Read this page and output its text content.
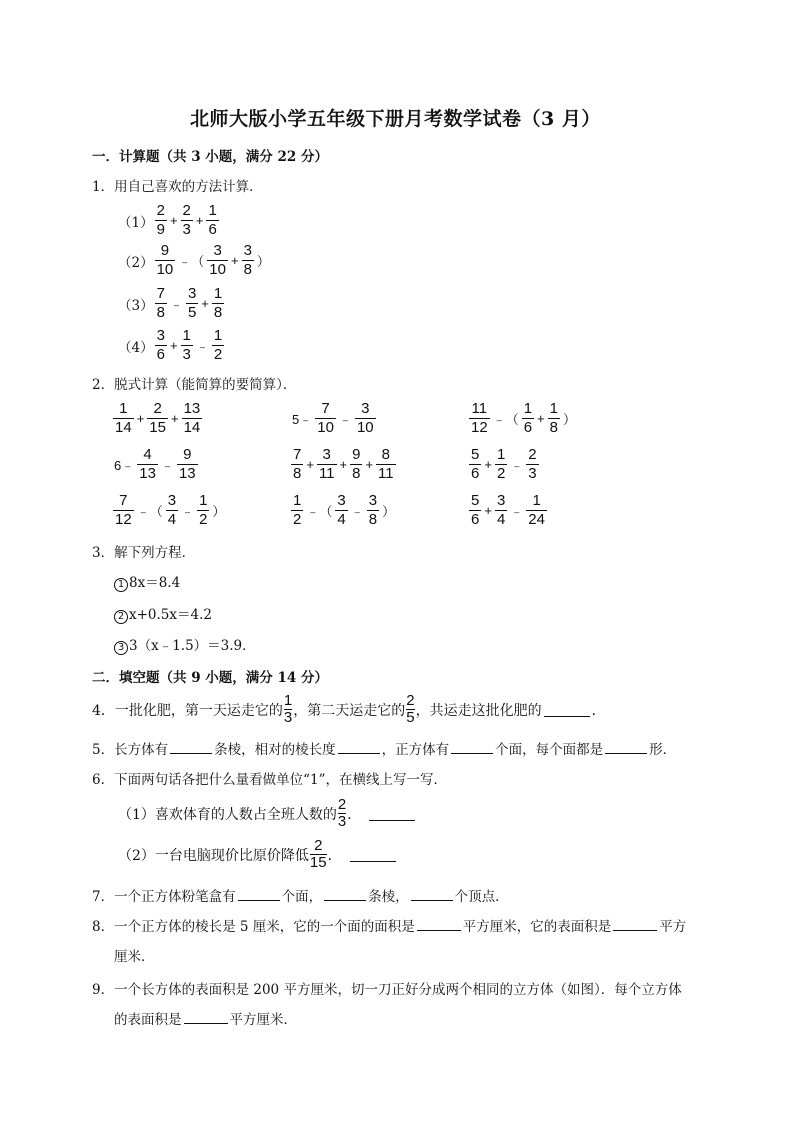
北师大版小学五年级下册月考数学试卷（3 月）
一．计算题（共 3 小题，满分 22 分）
1．用自己喜欢的方法计算．
$(1) \frac{2}{9} + \frac{2}{3} + \frac{1}{6}$
$(2) \frac{9}{10}$ ﹣（ $\frac{3}{10} + \frac{3}{8}$ ）
$(3) \frac{7}{8}$ ﹣ $\frac{3}{5} + \frac{1}{8}$
$(4) \frac{3}{6} + \frac{1}{3}$ ﹣ $\frac{1}{2}$
2．脱式计算（能简算的要简算）．
$\frac{1}{14} + \frac{2}{15} + \frac{13}{14}$	5﹣ $\frac{7}{10}$ ﹣ $\frac{3}{10}$	$\frac{11}{12}$ ﹣（ $\frac{1}{6} + \frac{1}{8}$ ）
6﹣ $\frac{4}{13}$ ﹣ $\frac{9}{13}$	$\frac{7}{8} + \frac{3}{11} + \frac{9}{8} + \frac{8}{11}$	$\frac{5}{6} + \frac{1}{2}$ ﹣ $\frac{2}{3}$
$\frac{7}{12}$ ﹣（ $\frac{3}{4}$ ﹣ $\frac{1}{2}$ ）	$\frac{1}{2}$ ﹣（ $\frac{3}{4}$ ﹣ $\frac{3}{8}$ ）	$\frac{5}{6} + \frac{3}{4}$ ﹣ $\frac{1}{24}$
3．解下列方程．
1 8x＝8.4
2 x+0.5x＝4.2
3 3（x﹣1.5）＝3.9．
二．填空题（共 9 小题，满分 14 分）
4．一批化肥，第一天运走它的 $\frac{1}{3}$ ，第二天运走它的 $\frac{2}{5}$ ，共运走这批化肥的	．
5．长方体有	条棱，相对的棱长度	，正方体有	个面，每个面都是	形．
6．下面两句话各把什么量看做单位“1”，在横线上写一写．
（1）喜欢体育的人数占全班人数的 $\frac{2}{3}$ ．
（2）一台电脑现价比原价降低 $\frac{2}{15}$ ．
7．一个正方体粉笔盒有	个面，	条棱，	个顶点．
8．一个正方体的棱长是 5 厘米，它的一个面的面积是	平方厘米，它的表面积是	平方
厘米．
9．一个长方体的表面积是 200 平方厘米，切一刀正好分成两个相同的立方体（如图）．每个立方体
的表面积是	平方厘米．
